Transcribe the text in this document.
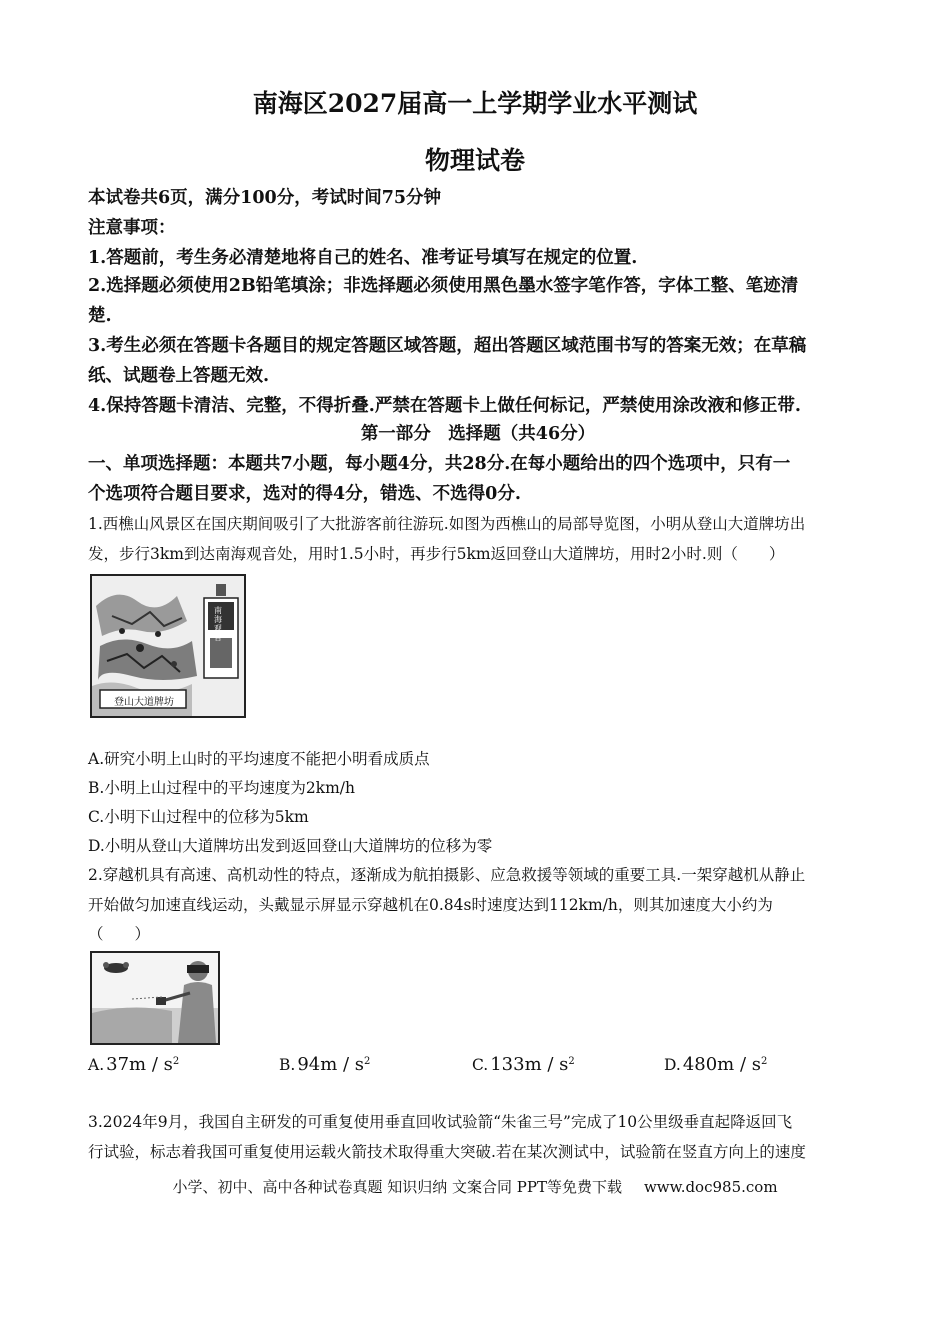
南海区2027届高一上学期学业水平测试
物理试卷
本试卷共6页，满分100分，考试时间75分钟
注意事项：
1.答题前，考生务必清楚地将自己的姓名、准考证号填写在规定的位置.
2.选择题必须使用2B铅笔填涂；非选择题必须使用黑色墨水签字笔作答，字体工整、笔迹清
楚.
3.考生必须在答题卡各题目的规定答题区域答题，超出答题区域范围书写的答案无效；在草稿
纸、试题卷上答题无效.
4.保持答题卡清洁、完整，不得折叠.严禁在答题卡上做任何标记，严禁使用涂改液和修正带.
第一部分　选择题（共46分）
一、单项选择题：本题共7小题，每小题4分，共28分.在每小题给出的四个选项中，只有一
个选项符合题目要求，选对的得4分，错选、不选得0分.
1.西樵山风景区在国庆期间吸引了大批游客前往游玩.如图为西樵山的局部导览图，小明从登山大道牌坊出
发，步行3km到达南海观音处，用时1.5小时，再步行5km返回登山大道牌坊，用时2小时.则（　　）
南海观音
登山大道牌坊
A.研究小明上山时的平均速度不能把小明看成质点
B.小明上山过程中的平均速度为2km/h
C.小明下山过程中的位移为5km
D.小明从登山大道牌坊出发到返回登山大道牌坊的位移为零
2.穿越机具有高速、高机动性的特点，逐渐成为航拍摄影、应急救援等领域的重要工具.一架穿越机从静止
开始做匀加速直线运动，头戴显示屏显示穿越机在0.84s时速度达到112km/h，则其加速度大小约为
（　　）
A. $37m / s^2$	B. $94m / s^2$	C. $133m / s^2$	D. $480m / s^2$
3.2024年9月，我国自主研发的可重复使用垂直回收试验箭“朱雀三号”完成了10公里级垂直起降返回飞
行试验，标志着我国可重复使用运载火箭技术取得重大突破.若在某次测试中，试验箭在竖直方向上的速度
小学、初中、高中各种试卷真题 知识归纳 文案合同 PPT等免费下载 www.doc985.com
